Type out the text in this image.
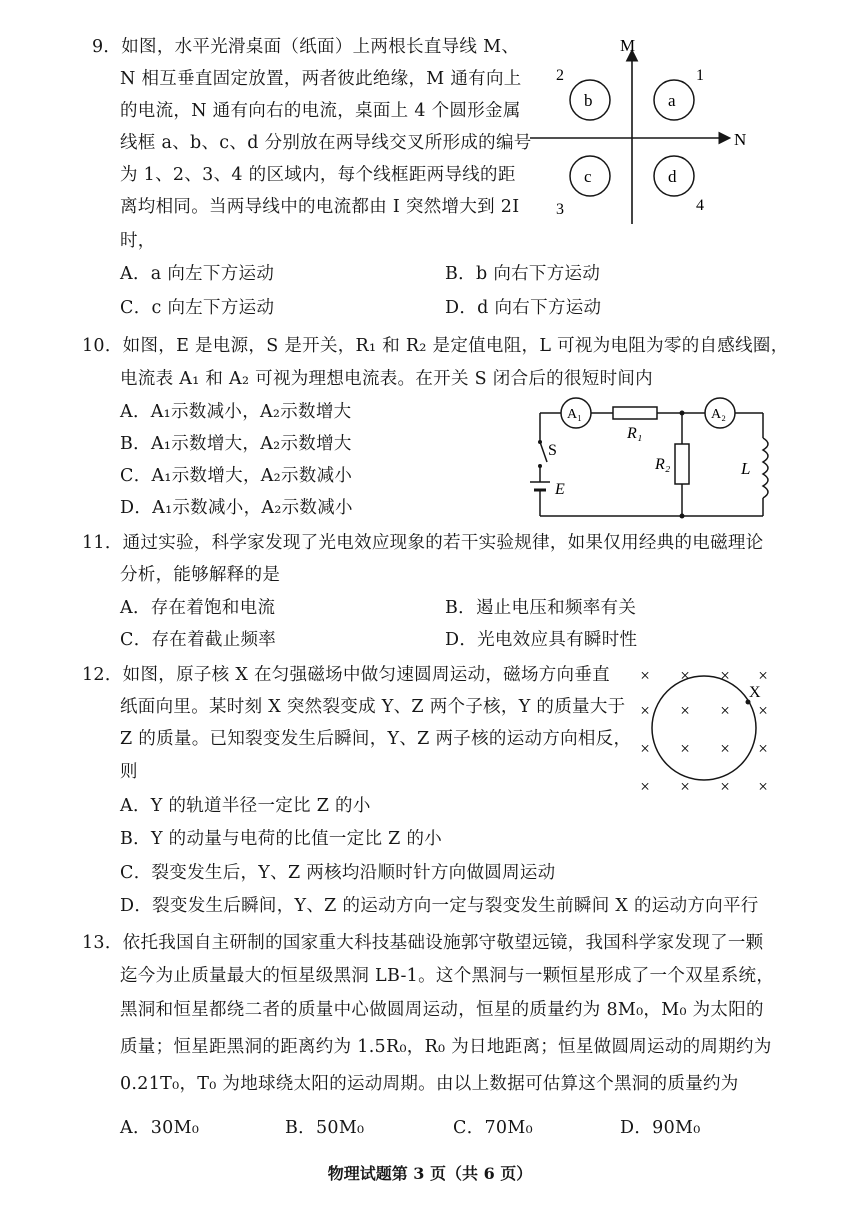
9．如图，水平光滑桌面（纸面）上两根长直导线 M、
N 相互垂直固定放置，两者彼此绝缘，M 通有向上
的电流，N 通有向右的电流，桌面上 4 个圆形金属
线框 a、b、c、d 分别放在两导线交叉所形成的编号
为 1、2、3、4 的区域内，每个线框距两导线的距
离均相同。当两导线中的电流都由 I 突然增大到 2I
时，
A．a 向左下方运动	B．b 向右下方运动
C．c 向左下方运动	D．d 向右下方运动
M
N
b	a
c	d
1
2
3	4
10．如图，E 是电源，S 是开关，R₁ 和 R₂ 是定值电阻，L 可视为电阻为零的自感线圈，
电流表 A₁ 和 A₂ 可视为理想电流表。在开关 S 闭合后的很短时间内
A．A₁示数减小，A₂示数增大
B．A₁示数增大，A₂示数增大
C．A₁示数增大，A₂示数减小
D．A₁示数减小，A₂示数减小
A₁	A₂
R₁
R₂	L
S
E
11．通过实验，科学家发现了光电效应现象的若干实验规律，如果仅用经典的电磁理论
分析，能够解释的是
A．存在着饱和电流	B．遏止电压和频率有关
C．存在着截止频率	D．光电效应具有瞬时性
12．如图，原子核 X 在匀强磁场中做匀速圆周运动，磁场方向垂直
纸面向里。某时刻 X 突然裂变成 Y、Z 两个子核，Y 的质量大于
Z 的质量。已知裂变发生后瞬间，Y、Z 两子核的运动方向相反，
则
A．Y 的轨道半径一定比 Z 的小
B．Y 的动量与电荷的比值一定比 Z 的小
C．裂变发生后，Y、Z 两核均沿顺时针方向做圆周运动
D．裂变发生后瞬间，Y、Z 的运动方向一定与裂变发生前瞬间 X 的运动方向平行
× × × ×
× × × ×
× × × ×
× × × ×
X
13．依托我国自主研制的国家重大科技基础设施郭守敬望远镜，我国科学家发现了一颗
迄今为止质量最大的恒星级黑洞 LB-1。这个黑洞与一颗恒星形成了一个双星系统，
黑洞和恒星都绕二者的质量中心做圆周运动，恒星的质量约为 8M₀，M₀ 为太阳的
质量；恒星距黑洞的距离约为 1.5R₀，R₀ 为日地距离；恒星做圆周运动的周期约为
0.21T₀，T₀ 为地球绕太阳的运动周期。由以上数据可估算这个黑洞的质量约为
A．30M₀	B．50M₀	C．70M₀	D．90M₀
物理试题第 3 页（共 6 页）
